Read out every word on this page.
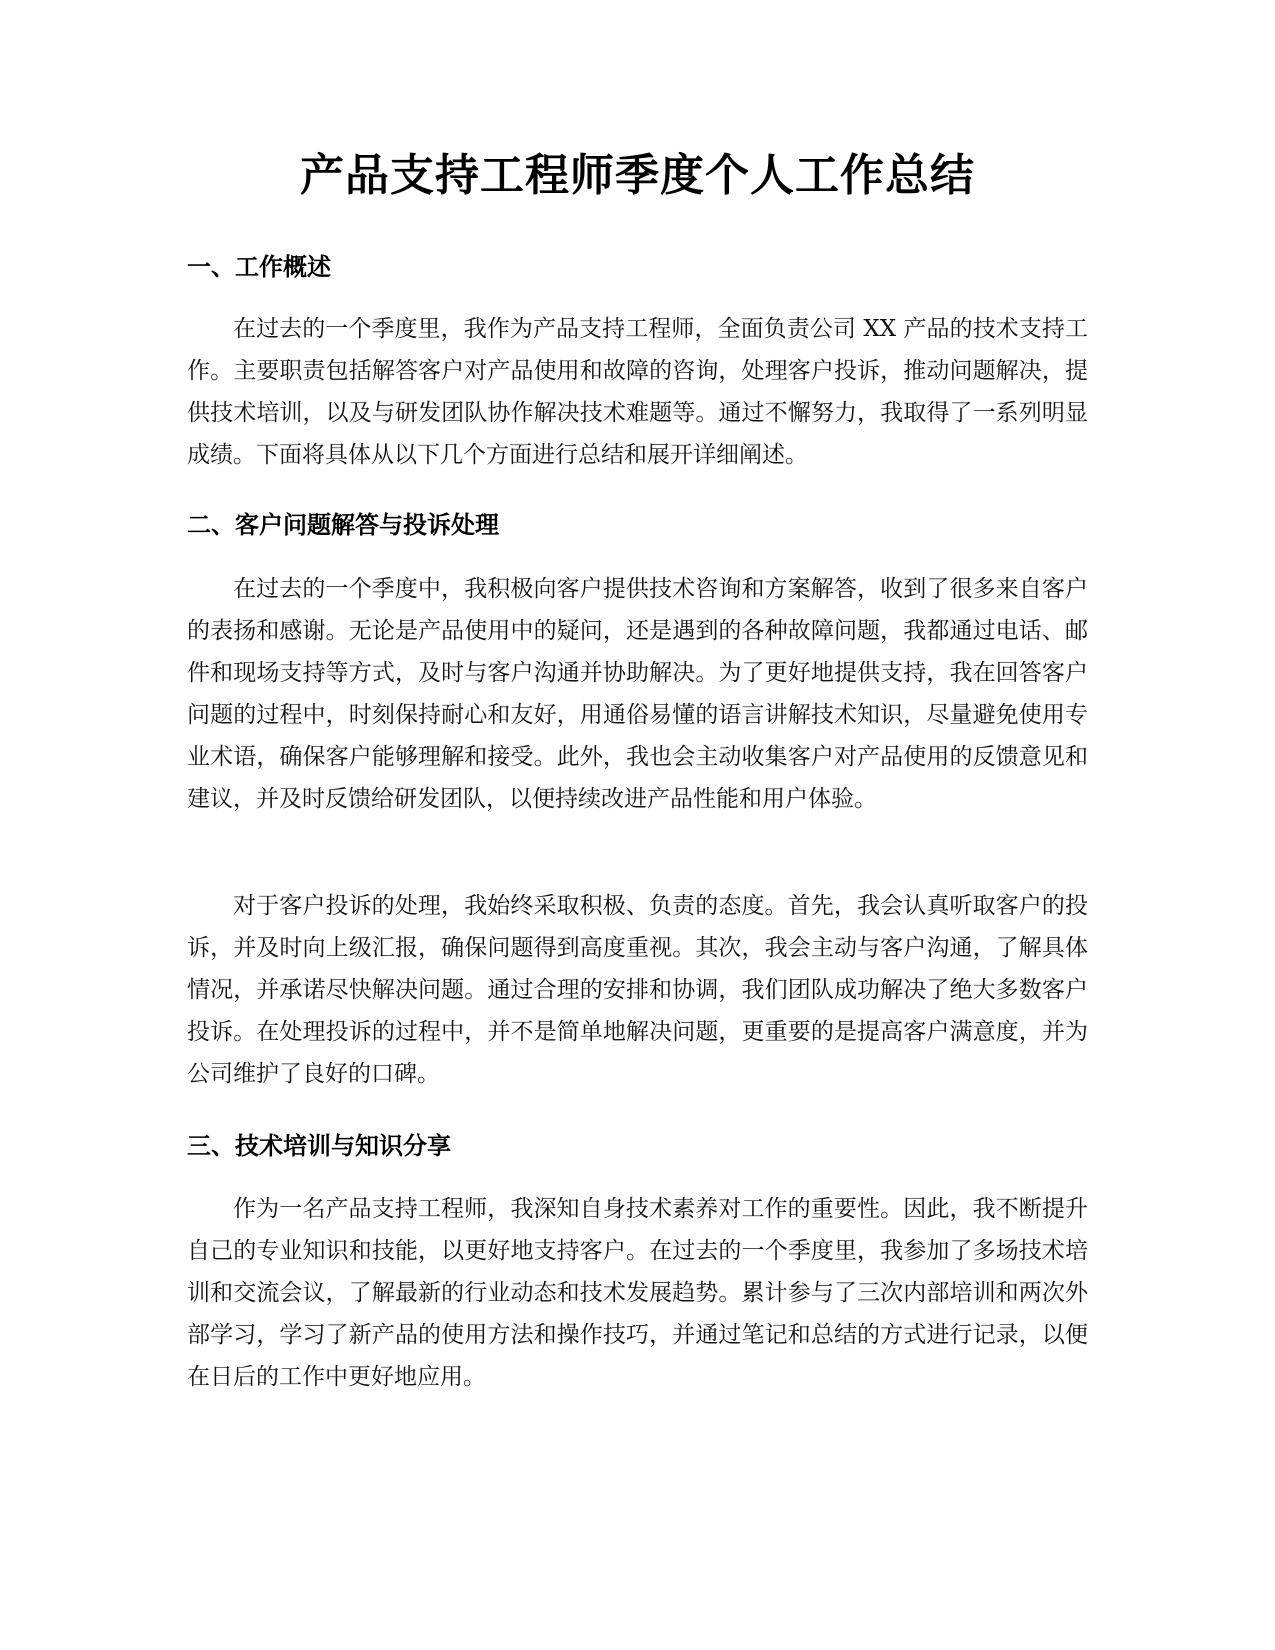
产品支持工程师季度个人工作总结
一、工作概述

在过去的一个季度里，我作为产品支持工程师，全面负责公司 XX 产品的技术支持工作。主要职责包括解答客户对产品使用和故障的咨询，处理客户投诉，推动问题解决，提供技术培训，以及与研发团队协作解决技术难题等。通过不懈努力，我取得了一系列明显成绩。下面将具体从以下几个方面进行总结和展开详细阐述。

二、客户问题解答与投诉处理

在过去的一个季度中，我积极向客户提供技术咨询和方案解答，收到了很多来自客户的表扬和感谢。无论是产品使用中的疑问，还是遇到的各种故障问题，我都通过电话、邮件和现场支持等方式，及时与客户沟通并协助解决。为了更好地提供支持，我在回答客户问题的过程中，时刻保持耐心和友好，用通俗易懂的语言讲解技术知识，尽量避免使用专业术语，确保客户能够理解和接受。此外，我也会主动收集客户对产品使用的反馈意见和建议，并及时反馈给研发团队，以便持续改进产品性能和用户体验。

对于客户投诉的处理，我始终采取积极、负责的态度。首先，我会认真听取客户的投诉，并及时向上级汇报，确保问题得到高度重视。其次，我会主动与客户沟通，了解具体情况，并承诺尽快解决问题。通过合理的安排和协调，我们团队成功解决了绝大多数客户投诉。在处理投诉的过程中，并不是简单地解决问题，更重要的是提高客户满意度，并为公司维护了良好的口碑。

三、技术培训与知识分享

作为一名产品支持工程师，我深知自身技术素养对工作的重要性。因此，我不断提升自己的专业知识和技能，以更好地支持客户。在过去的一个季度里，我参加了多场技术培训和交流会议，了解最新的行业动态和技术发展趋势。累计参与了三次内部培训和两次外部学习，学习了新产品的使用方法和操作技巧，并通过笔记和总结的方式进行记录，以便在日后的工作中更好地应用。
